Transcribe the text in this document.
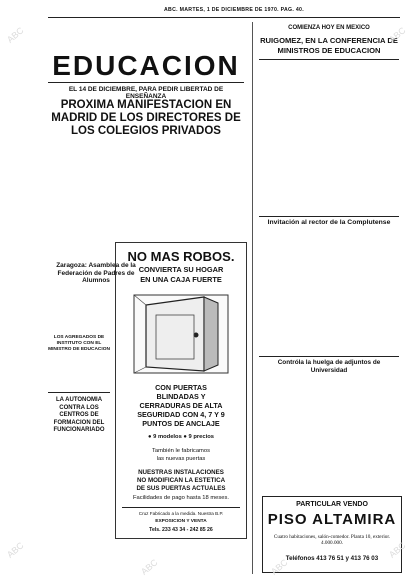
ABC. MARTES, 1 DE DICIEMBRE DE 1970. PAG. 40.
EDUCACION
EL 14 DE DICIEMBRE, PARA PEDIR LIBERTAD DE ENSEÑANZA
PROXIMA MANIFESTACION EN MADRID DE LOS DIRECTORES DE LOS COLEGIOS PRIVADOS
Zaragoza: Asamblea de la Federación de Padres de Alumnos
LOS AGREGADOS DE INSTITUTO CON EL MINISTRO DE EDUCACION
LA AUTONOMIA CONTRA LOS CENTROS DE FORMACION DEL FUNCIONARIADO
NO MAS ROBOS.
CONVIERTA SU HOGAR
EN UNA CAJA FUERTE
CON PUERTAS
BLINDADAS Y
CERRADURAS DE ALTA
SEGURIDAD CON 4, 7 Y 9
PUNTOS DE ANCLAJE
● 9 modelos ● 9 precios
También le fabricamos
las nuevas puertas
NUESTRAS INSTALACIONES
NO MODIFICAN LA ESTETICA
DE SUS PUERTAS ACTUALES
Facilidades de pago hasta 18 meses.
Cruz Fabricado a la medida. Nuestra B.P.
EXPOSICION Y VENTA
Tels. 233 43 34 - 242 85 26
COMIENZA HOY EN MEXICO
RUIGOMEZ, EN LA CONFERENCIA DE MINISTROS DE EDUCACION
Invitación al rector de la Complutense
Contróla la huelga de adjuntos de Universidad
PARTICULAR VENDO
PISO ALTAMIRA
Cuatro habitaciones, salón-comedor. Planta 10, exterior. 4.000.000.
Teléfonos 413 76 51 y 413 76 03
ABC	ABC
ABC	ABC
ABC	ABC
